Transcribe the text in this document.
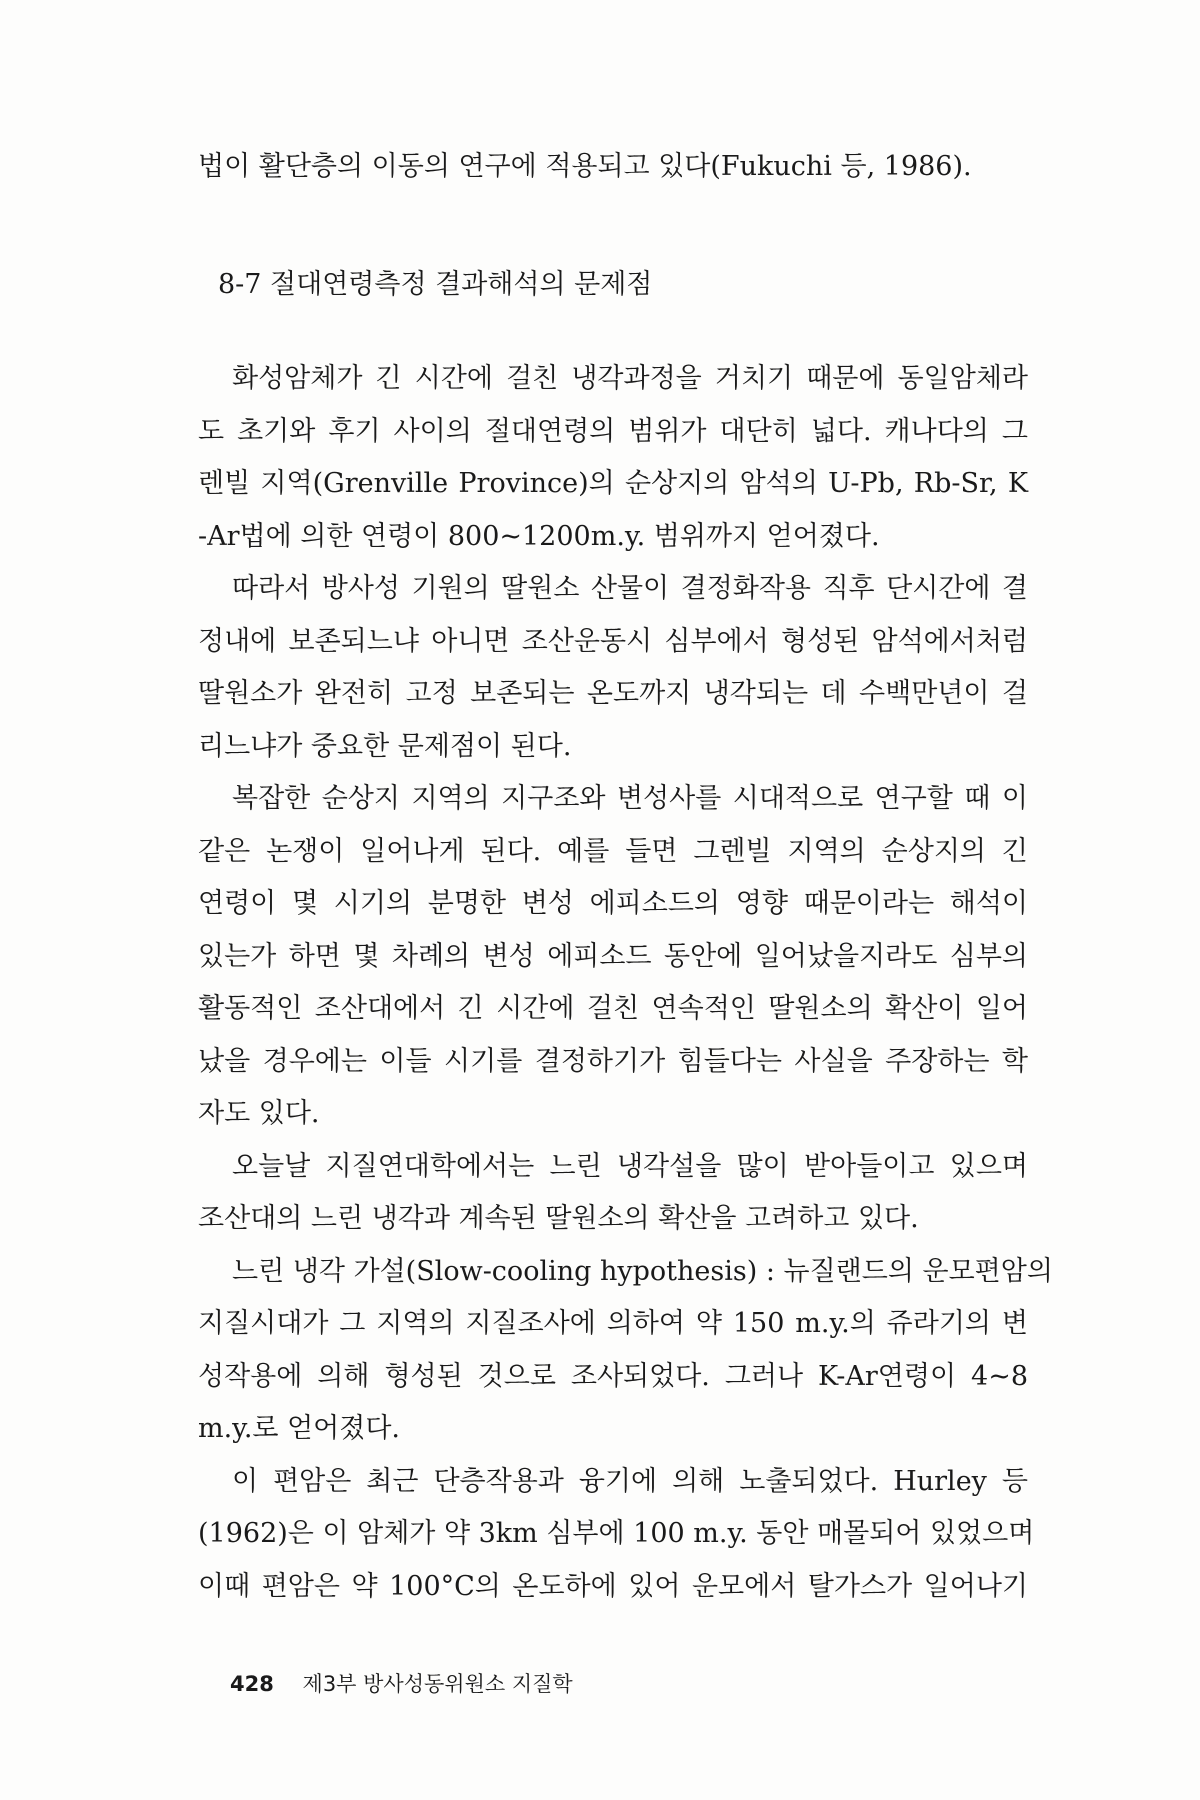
법이 활단층의 이동의 연구에 적용되고 있다(Fukuchi 등, 1986).
8-7 절대연령측정 결과해석의 문제점
화성암체가 긴 시간에 걸친 냉각과정을 거치기 때문에 동일암체라
도 초기와 후기 사이의 절대연령의 범위가 대단히 넓다. 캐나다의 그
렌빌 지역(Grenville Province)의 순상지의 암석의 U-Pb, Rb-Sr, K
-Ar법에 의한 연령이 800~1200m.y. 범위까지 얻어졌다.
따라서 방사성 기원의 딸원소 산물이 결정화작용 직후 단시간에 결
정내에 보존되느냐 아니면 조산운동시 심부에서 형성된 암석에서처럼
딸원소가 완전히 고정 보존되는 온도까지 냉각되는 데 수백만년이 걸
리느냐가 중요한 문제점이 된다.
복잡한 순상지 지역의 지구조와 변성사를 시대적으로 연구할 때 이
같은 논쟁이 일어나게 된다. 예를 들면 그렌빌 지역의 순상지의 긴
연령이 몇 시기의 분명한 변성 에피소드의 영향 때문이라는 해석이
있는가 하면 몇 차례의 변성 에피소드 동안에 일어났을지라도 심부의
활동적인 조산대에서 긴 시간에 걸친 연속적인 딸원소의 확산이 일어
났을 경우에는 이들 시기를 결정하기가 힘들다는 사실을 주장하는 학
자도 있다.
오늘날 지질연대학에서는 느린 냉각설을 많이 받아들이고 있으며
조산대의 느린 냉각과 계속된 딸원소의 확산을 고려하고 있다.
느린 냉각 가설(Slow-cooling hypothesis) : 뉴질랜드의 운모편암의
지질시대가 그 지역의 지질조사에 의하여 약 150 m.y.의 쥬라기의 변
성작용에 의해 형성된 것으로 조사되었다. 그러나 K-Ar연령이 4~8
m.y.로 얻어졌다.
이 편암은 최근 단층작용과 융기에 의해 노출되었다. Hurley 등
(1962)은 이 암체가 약 3km 심부에 100 m.y. 동안 매몰되어 있었으며
이때 편암은 약 100°C의 온도하에 있어 운모에서 탈가스가 일어나기
428 제3부 방사성동위원소 지질학
